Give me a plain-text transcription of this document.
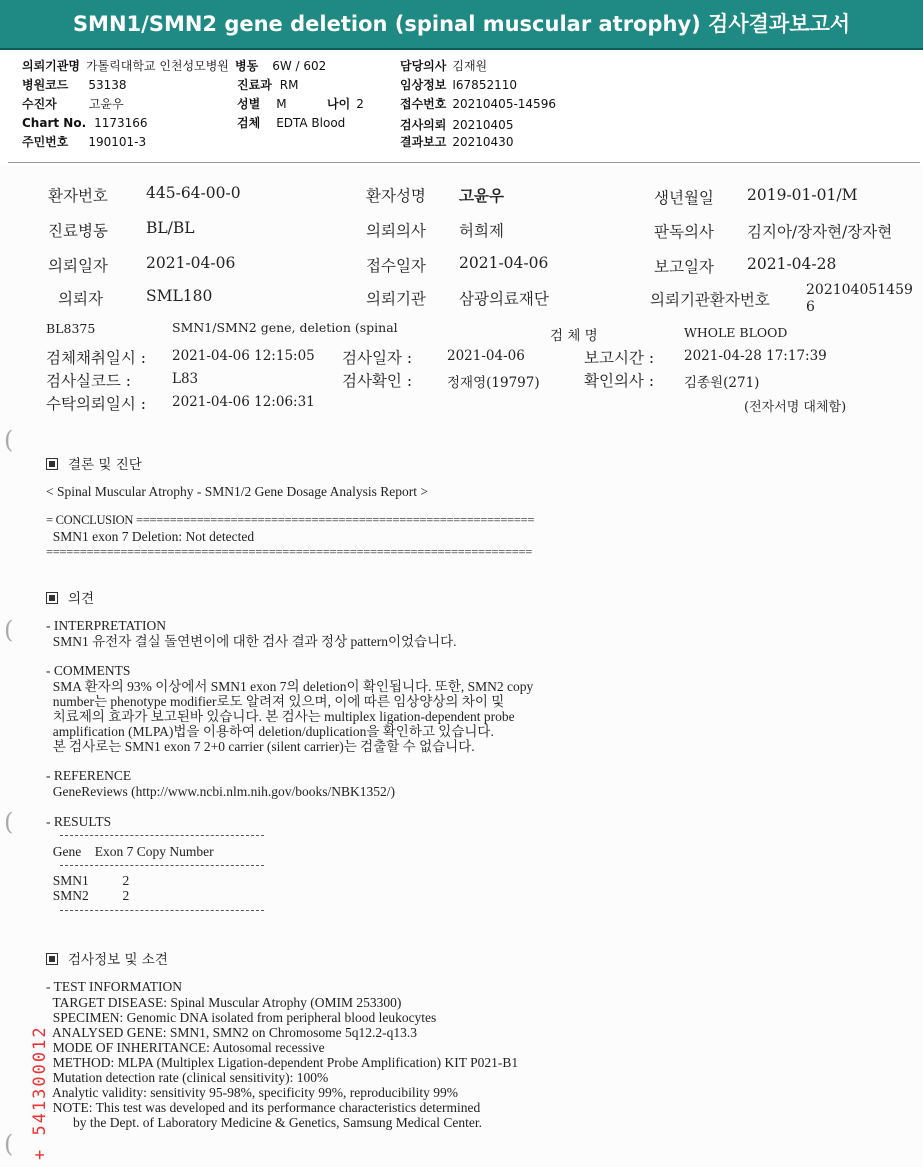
SMN1/SMN2 gene deletion (spinal muscular atrophy) 검사결과보고서
의뢰기관명 가톨릭대학교 인천성모병원
병원코드 53138
수진자	고윤우
Chart No. 1173166
주민번호 190101-3
병동 6W / 602
진료과 RM
성별 M	나이 2
검체 EDTA Blood
담당의사 김재원
임상정보 I67852110
접수번호 20210405-14596
검사의뢰 20210405
결과보고 20210430
환자번호 445-64-00-0	환자성명 고윤우	생년월일 2019-01-01/M
진료병동 BL/BL	의뢰의사 허희제	판독의사 김지아/장자현/장자현
의뢰일자 2021-04-06	접수일자 2021-04-06	보고일자 2021-04-28
의뢰자	SML180	의뢰기관 삼광의료재단	의뢰기관환자번호
202104051459
6
BL8375	SMN1/SMN2 gene, deletion (spinal
검 체 명	WHOLE BLOOD
검체채취일시 : 2021-04-06 12:15:05 검사일자 :	2021-04-06	보고시간 : 2021-04-28 17:17:39
검사실코드 :	L83	검사확인 :	정재영(19797)	확인의사 : 김종원(271)
수탁의뢰일시 : 2021-04-06 12:06:31	(전자서명 대체함)
(
(
(
(
결론 및 진단
< Spinal Muscular Atrophy - SMN1/2 Gene Dosage Analysis Report >
= CONCLUSION ===========================================================
SMN1 exon 7 Deletion: Not detected
========================================================================
의견
- INTERPRETATION
SMN1 유전자 결실 돌연변이에 대한 검사 결과 정상 pattern이었습니다.
- COMMENTS
SMA 환자의 93% 이상에서 SMN1 exon 7의 deletion이 확인됩니다. 또한, SMN2 copy
number는 phenotype modifier로도 알려져 있으며, 이에 따른 임상양상의 차이 및
치료제의 효과가 보고된바 있습니다. 본 검사는 multiplex ligation-dependent probe
amplification (MLPA)법을 이용하여 deletion/duplication을 확인하고 있습니다.
본 검사로는 SMN1 exon 7 2+0 carrier (silent carrier)는 검출할 수 없습니다.
- REFERENCE
GeneReviews (http://www.ncbi.nlm.nih.gov/books/NBK1352/)
- RESULTS
Gene    Exon 7 Copy Number
SMN1          2
SMN2          2
검사정보 및 소견
- TEST INFORMATION
TARGET DISEASE: Spinal Muscular Atrophy (OMIM 253300)
SPECIMEN: Genomic DNA isolated from peripheral blood leukocytes
ANALYSED GENE: SMN1, SMN2 on Chromosome 5q12.2-q13.3
MODE OF INHERITANCE: Autosomal recessive
METHOD: MLPA (Multiplex Ligation-dependent Probe Amplification) KIT P021-B1
Mutation detection rate (clinical sensitivity): 100%
Analytic validity: sensitivity 95-98%, specificity 99%, reproducibility 99%
NOTE: This test was developed and its performance characteristics determined
by the Dept. of Laboratory Medicine & Genetics, Samsung Medical Center.
+ 541300012
